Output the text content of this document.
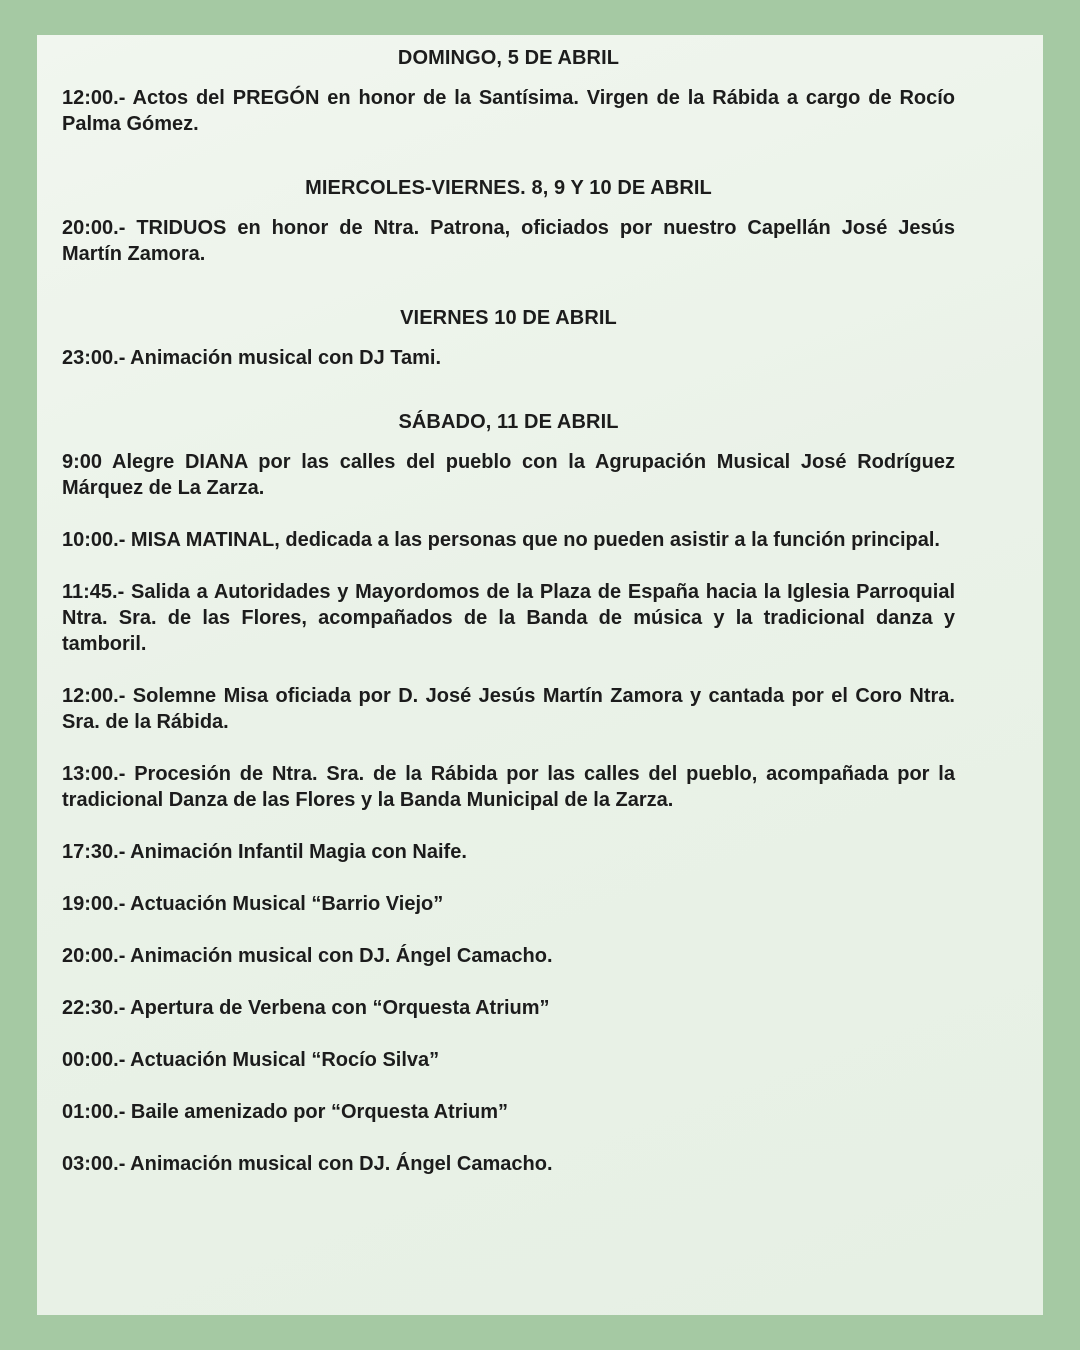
DOMINGO, 5 DE ABRIL
12:00.- Actos del PREGÓN en honor de la Santísima. Virgen de la Rábida a cargo de Rocío Palma Gómez.
MIERCOLES-VIERNES. 8, 9 Y 10 DE ABRIL
20:00.- TRIDUOS en honor de Ntra. Patrona, oficiados por nuestro Capellán José Jesús Martín Zamora.
VIERNES 10 DE ABRIL
23:00.- Animación musical con DJ Tami.
SÁBADO, 11 DE ABRIL
9:00 Alegre DIANA por las calles del pueblo con la Agrupación Musical José Rodríguez Márquez de La Zarza.
10:00.- MISA MATINAL, dedicada a las personas que no pueden asistir a la función principal.
11:45.- Salida a Autoridades y Mayordomos de la Plaza de España hacia la Iglesia Parroquial Ntra. Sra. de las Flores, acompañados de la Banda de música y la tradicional danza y tamboril.
12:00.- Solemne Misa oficiada por D. José Jesús Martín Zamora y cantada por el Coro Ntra. Sra. de la Rábida.
13:00.- Procesión de Ntra. Sra. de la Rábida por las calles del pueblo, acompañada por la tradicional Danza de las Flores y la Banda Municipal de la Zarza.
17:30.- Animación Infantil Magia con Naife.
19:00.- Actuación Musical “Barrio Viejo”
20:00.- Animación musical con DJ. Ángel Camacho.
22:30.- Apertura de Verbena con “Orquesta Atrium”
00:00.- Actuación Musical “Rocío Silva”
01:00.- Baile amenizado por “Orquesta Atrium”
03:00.- Animación musical con DJ. Ángel Camacho.
